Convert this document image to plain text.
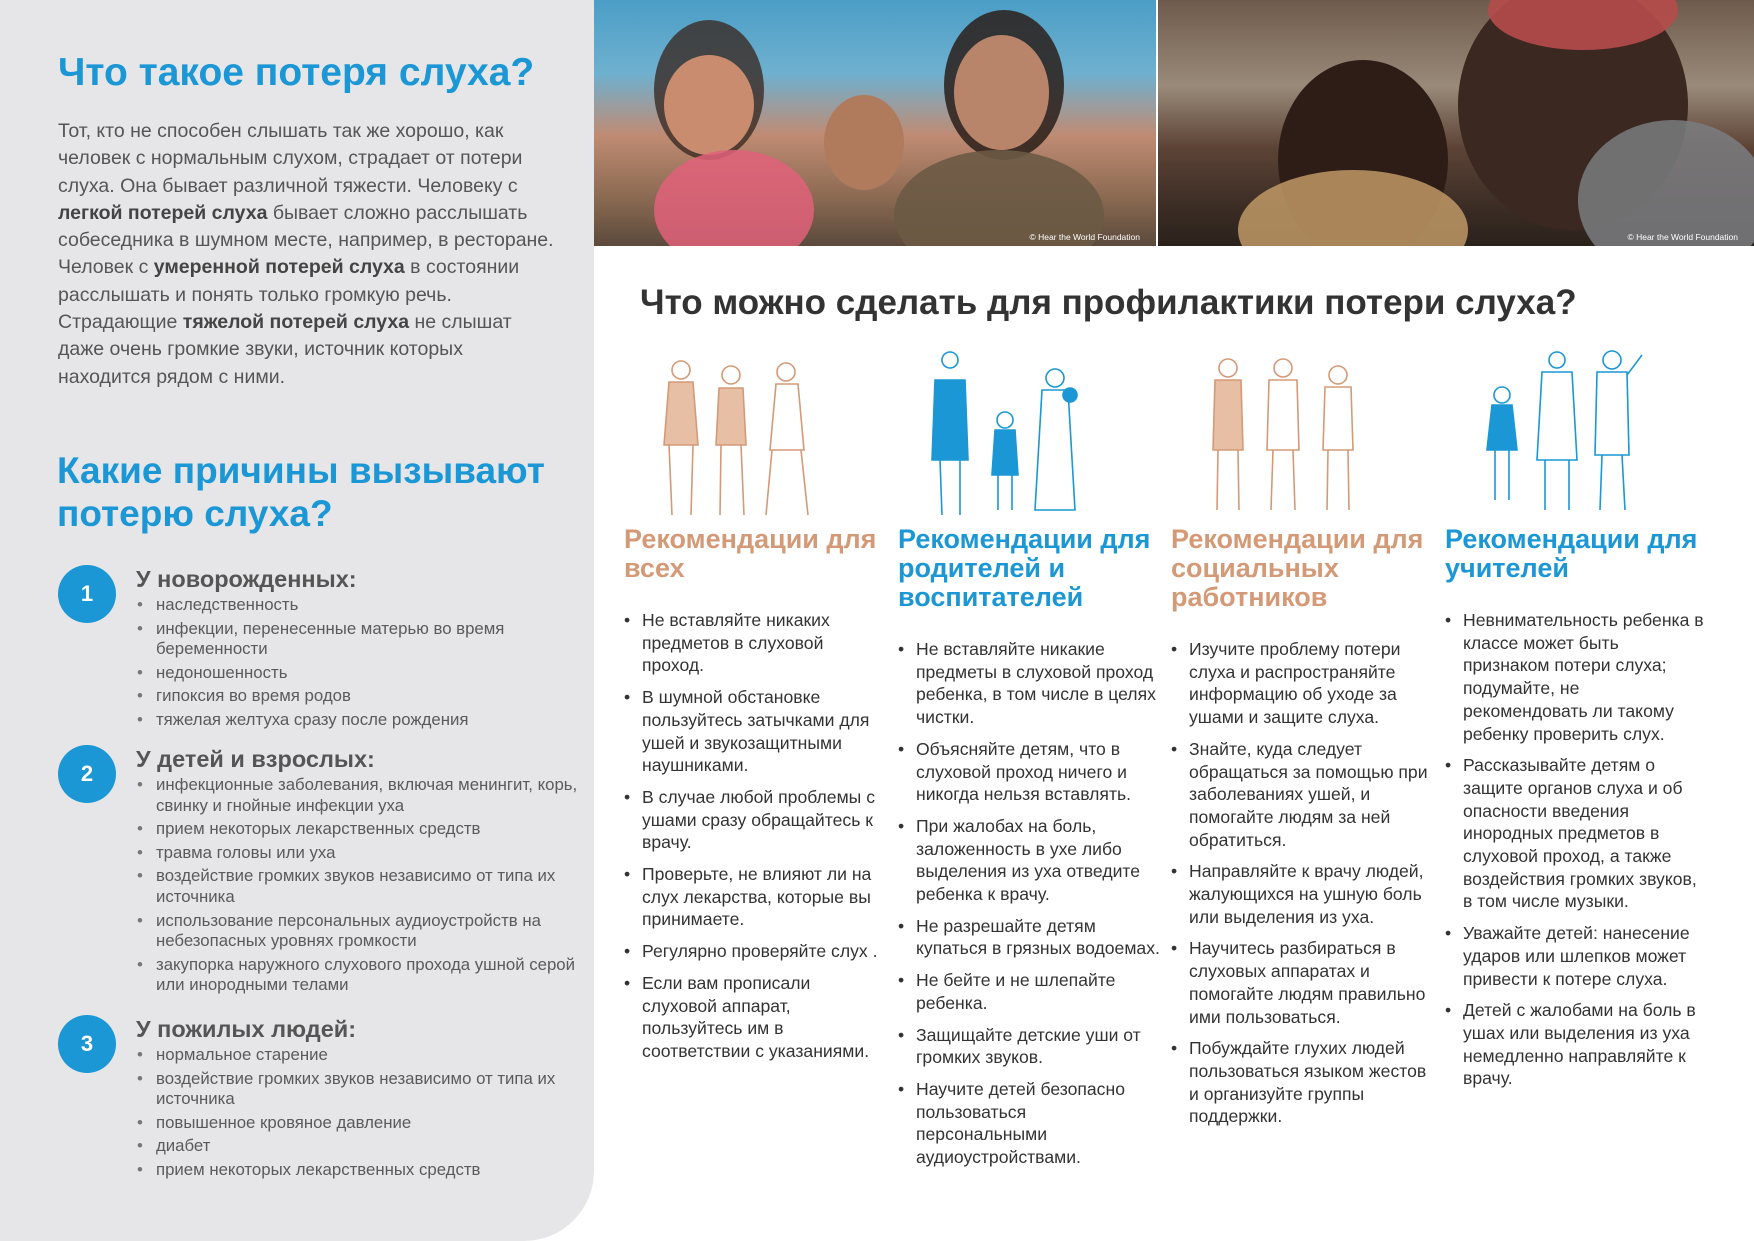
Что такое потеря слуха?

Тот, кто не способен слышать так же хорошо, как человек с нормальным слухом, страдает от потери слуха. Она бывает различной тяжести. Человеку с легкой потерей слуха бывает сложно расслышать собеседника в шумном месте, например, в ресторане. Человек с умеренной потерей слуха в состоянии расслышать и понять только громкую речь. Страдающие тяжелой потерей слуха не слышат даже очень громкие звуки, источник которых находится рядом с ними.

Какие причины вызывают потерю слуха?
1
У новорожденных:
• наследственность
• инфекции, перенесенные матерью во время беременности
• недоношенность
• гипоксия во время родов
• тяжелая желтуха сразу после рождения
2
У детей и взрослых:
• инфекционные заболевания, включая менингит, корь, свинку и гнойные инфекции уха
• прием некоторых лекарственных средств
• травма головы или уха
• воздействие громких звуков независимо от типа их источника
• использование персональных аудиоустройств на небезопасных уровнях громкости
• закупорка наружного слухового прохода ушной серой или инородными телами
3
У пожилых людей:
• нормальное старение
• воздействие громких звуков независимо от типа их источника
• повышенное кровяное давление
• диабет
• прием некоторых лекарственных средств
© Hear the World Foundation	© Hear the World Foundation
Что можно сделать для профилактики потери слуха?
Рекомендации для всех
• Не вставляйте никаких предметов в слуховой проход.
• В шумной обстановке пользуйтесь затычками для ушей и звукозащитными наушниками.
• В случае любой проблемы с ушами сразу обращайтесь к врачу.
• Проверьте, не влияют ли на слух лекарства, которые вы принимаете.
• Регулярно проверяйте слух .
• Если вам прописали слуховой аппарат, пользуйтесь им в соответствии с указаниями.
Рекомендации для родителей и воспитателей
• Не вставляйте никакие предметы в слуховой проход ребенка, в том числе в целях чистки.
• Объясняйте детям, что в слуховой проход ничего и никогда нельзя вставлять.
• При жалобах на боль, заложенность в ухе либо выделения из уха отведите ребенка к врачу.
• Не разрешайте детям купаться в грязных водоемах.
• Не бейте и не шлепайте ребенка.
• Защищайте детские уши от громких звуков.
• Научите детей безопасно пользоваться персональными аудиоустройствами.
Рекомендации для социальных работников
• Изучите проблему потери слуха и распространяйте информацию об уходе за ушами и защите слуха.
• Знайте, куда следует обращаться за помощью при заболеваниях ушей, и помогайте людям за ней обратиться.
• Направляйте к врачу людей, жалующихся на ушную боль или выделения из уха.
• Научитесь разбираться в слуховых аппаратах и помогайте людям правильно ими пользоваться.
• Побуждайте глухих людей пользоваться языком жестов и организуйте группы поддержки.
Рекомендации для учителей
• Невнимательность ребенка в классе может быть признаком потери слуха; подумайте, не рекомендовать ли такому ребенку проверить слух.
• Рассказывайте детям о защите органов слуха и об опасности введения инородных предметов в слуховой проход, а также воздействия громких звуков, в том числе музыки.
• Уважайте детей: нанесение ударов или шлепков может привести к потере слуха.
• Детей с жалобами на боль в ушах или выделения из уха немедленно направляйте к врачу.
